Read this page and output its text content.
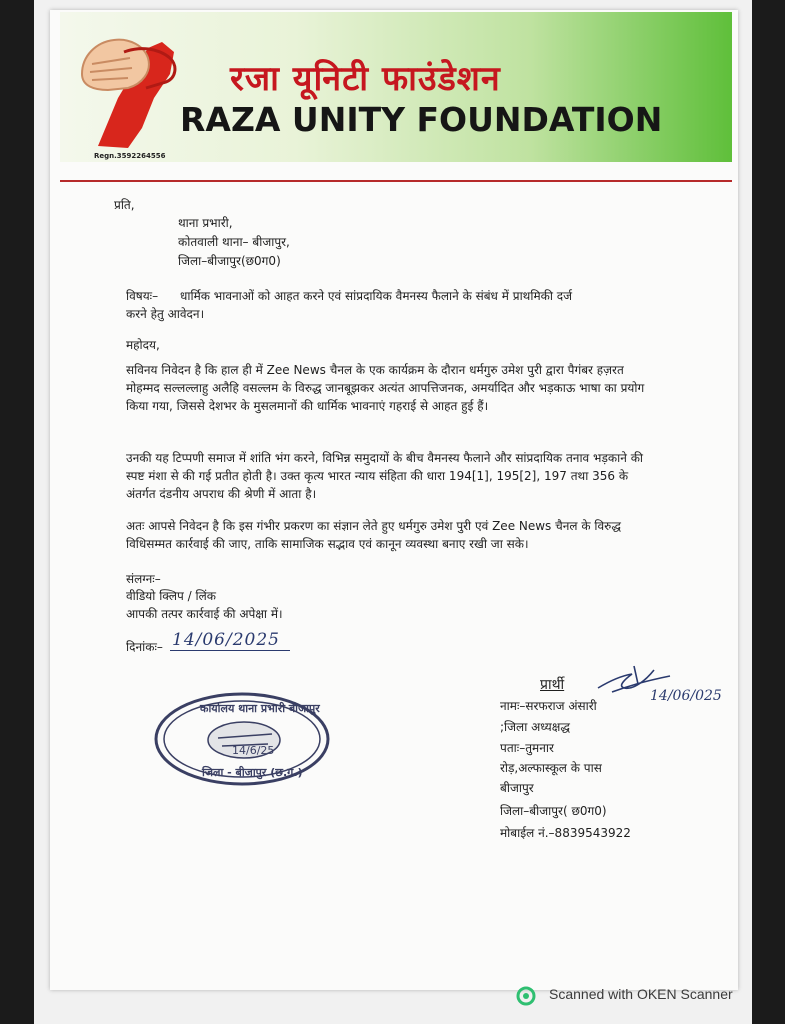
रजा यूनिटी फाउंडेशन
RAZA UNITY FOUNDATION
Regn.3592264556
प्रति,
थाना प्रभारी,
कोतवाली थाना– बीजापुर,
जिला–बीजापुर(छ0ग0)
विषयः– धार्मिक भावनाओं को आहत करने एवं सांप्रदायिक वैमनस्य फैलाने के संबंध में प्राथमिकी दर्ज
करने हेतु आवेदन।
महोदय,
सविनय निवेदन है कि हाल ही में Zee News चैनल के एक कार्यक्रम के दौरान धर्मगुरु उमेश पुरी द्वारा पैगंबर हज़रत मोहम्मद सल्लल्लाहु अलैहि वसल्लम के विरुद्ध जानबूझकर अत्यंत आपत्तिजनक, अमर्यादित और भड़काऊ भाषा का प्रयोग किया गया, जिससे देशभर के मुसलमानों की धार्मिक भावनाएं गहराई से आहत हुई हैं।
उनकी यह टिप्पणी समाज में शांति भंग करने, विभिन्न समुदायों के बीच वैमनस्य फैलाने और सांप्रदायिक तनाव भड़काने की स्पष्ट मंशा से की गई प्रतीत होती है। उक्त कृत्य भारत न्याय संहिता की धारा 194[1], 195[2], 197 तथा 356 के अंतर्गत दंडनीय अपराध की श्रेणी में आता है।
अतः आपसे निवेदन है कि इस गंभीर प्रकरण का संज्ञान लेते हुए धर्मगुरु उमेश पुरी एवं Zee News चैनल के विरुद्ध विधिसम्मत कार्रवाई की जाए, ताकि सामाजिक सद्भाव एवं कानून व्यवस्था बनाए रखी जा सके।
संलग्नः–
वीडियो क्लिप / लिंक
आपकी तत्पर कार्रवाई की अपेक्षा में।
दिनांकः– 14/06/2025
प्रार्थी
नामः–सरफराज अंसारी
;जिला अध्यक्षद्ध
पताः–तुमनार
रोड़,अल्फास्कूल के पास
बीजापुर
जिला–बीजापुर( छ0ग0)
मोबाईल नं.–8839543922
14/06/025
कार्यालय थाना प्रभारी बीजापुर
14/6/25
जिला - बीजापुर (छ.ग.)
Scanned with OKEN Scanner
